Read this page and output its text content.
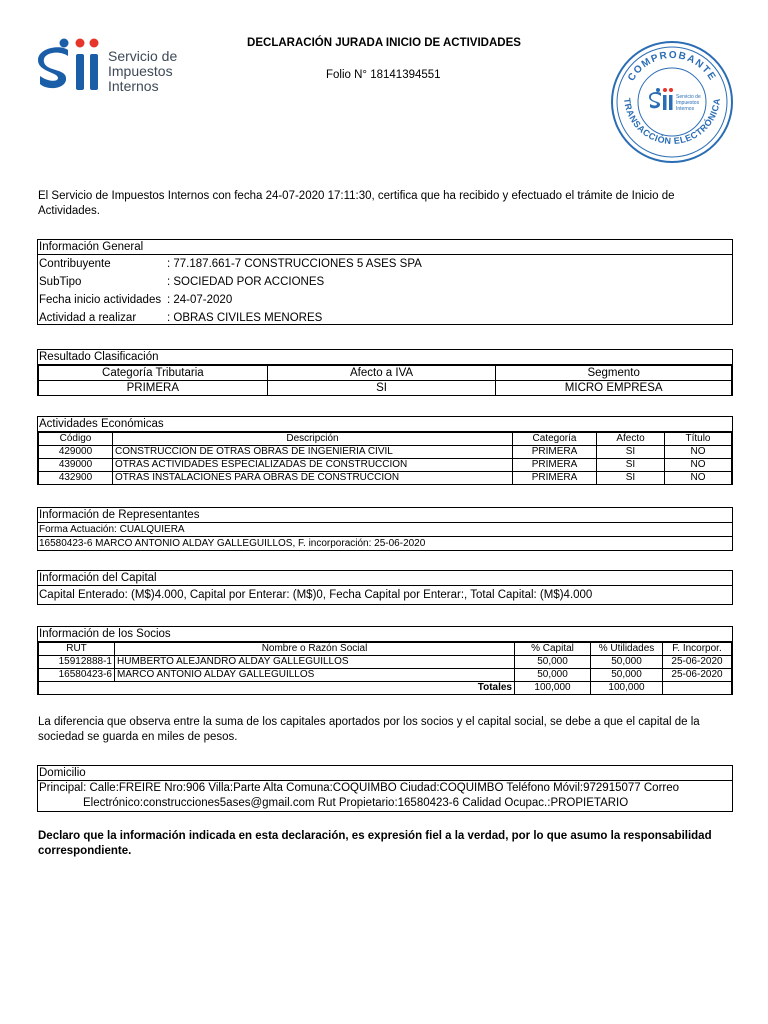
Servicio de
Impuestos
Internos
DECLARACIÓN JURADA INICIO DE ACTIVIDADES
Folio N° 18141394551	COMPROBANTE
TRANSACCIÓN ELECTRÓNICA
Servicio de
Impuestos
Internos
El Servicio de Impuestos Internos con fecha 24-07-2020 17:11:30, certifica que ha recibido y efectuado el trámite de Inicio de
Actividades.
Información General
Contribuyente	: 77.187.661-7 CONSTRUCCIONES 5 ASES SPA
SubTipo	: SOCIEDAD POR ACCIONES
Fecha inicio actividades : 24-07-2020
Actividad a realizar	: OBRAS CIVILES MENORES
Resultado Clasificación
Categoría Tributaria	Afecto a IVA	Segmento
PRIMERA	SI	MICRO EMPRESA
Actividades Económicas
Código	Descripción	Categoría	Afecto	Título
429000	CONSTRUCCION DE OTRAS OBRAS DE INGENIERIA CIVIL	PRIMERA	SI	NO
439000	OTRAS ACTIVIDADES ESPECIALIZADAS DE CONSTRUCCION	PRIMERA	SI	NO
432900	OTRAS INSTALACIONES PARA OBRAS DE CONSTRUCCION	PRIMERA	SI	NO
Información de Representantes
Forma Actuación: CUALQUIERA
16580423-6 MARCO ANTONIO ALDAY GALLEGUILLOS, F. incorporación: 25-06-2020
Información del Capital
Capital Enterado: (M$)4.000, Capital por Enterar: (M$)0, Fecha Capital por Enterar:, Total Capital: (M$)4.000
Información de los Socios
RUT	Nombre o Razón Social	% Capital	% Utilidades	F. Incorpor.
15912888-1	HUMBERTO ALEJANDRO ALDAY GALLEGUILLOS	50,000	50,000	25-06-2020
16580423-6	MARCO ANTONIO ALDAY GALLEGUILLOS	50,000	50,000	25-06-2020
Totales		100,000	100,000	
La diferencia que observa entre la suma de los capitales aportados por los socios y el capital social, se debe a que el capital de la
sociedad se guarda en miles de pesos.
Domicilio
Principal: Calle:FREIRE Nro:906 Villa:Parte Alta Comuna:COQUIMBO Ciudad:COQUIMBO Teléfono Móvil:972915077 Correo
Electrónico:construcciones5ases@gmail.com Rut Propietario:16580423-6 Calidad Ocupac.:PROPIETARIO
Declaro que la información indicada en esta declaración, es expresión fiel a la verdad, por lo que asumo la responsabilidad
correspondiente.
